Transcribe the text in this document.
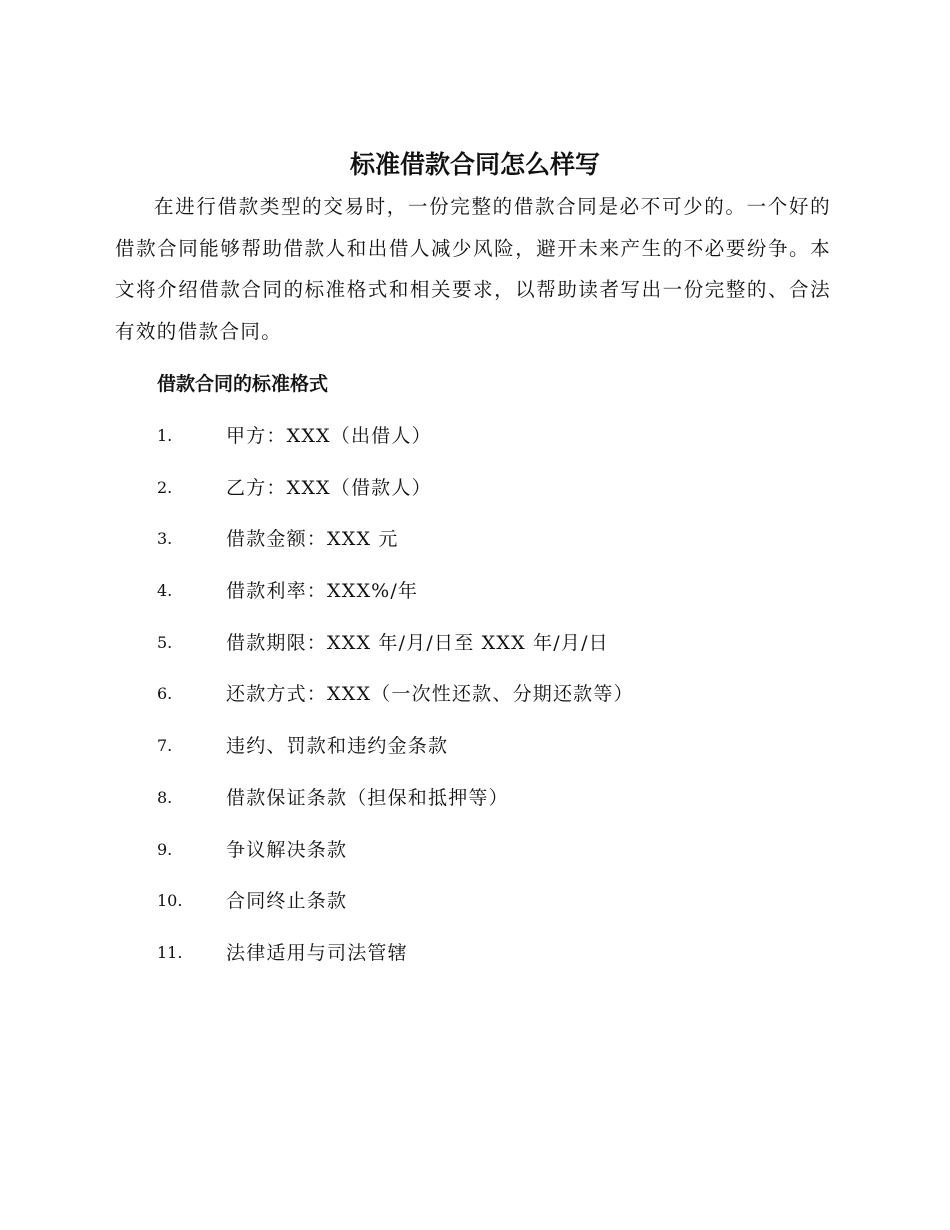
标准借款合同怎么样写

在进行借款类型的交易时，一份完整的借款合同是必不可少的。一个好的借款合同能够帮助借款人和出借人减少风险，避开未来产生的不必要纷争。本文将介绍借款合同的标准格式和相关要求，以帮助读者写出一份完整的、合法有效的借款合同。

借款合同的标准格式
1.	甲方：XXX（出借人）
2.	乙方：XXX（借款人）
3.	借款金额：XXX 元
4.	借款利率：XXX%/年
5.	借款期限：XXX 年/月/日至 XXX 年/月/日
6.	还款方式：XXX（一次性还款、分期还款等）
7.	违约、罚款和违约金条款
8.	借款保证条款（担保和抵押等）
9.	争议解决条款
10.	合同终止条款
11.	法律适用与司法管辖
